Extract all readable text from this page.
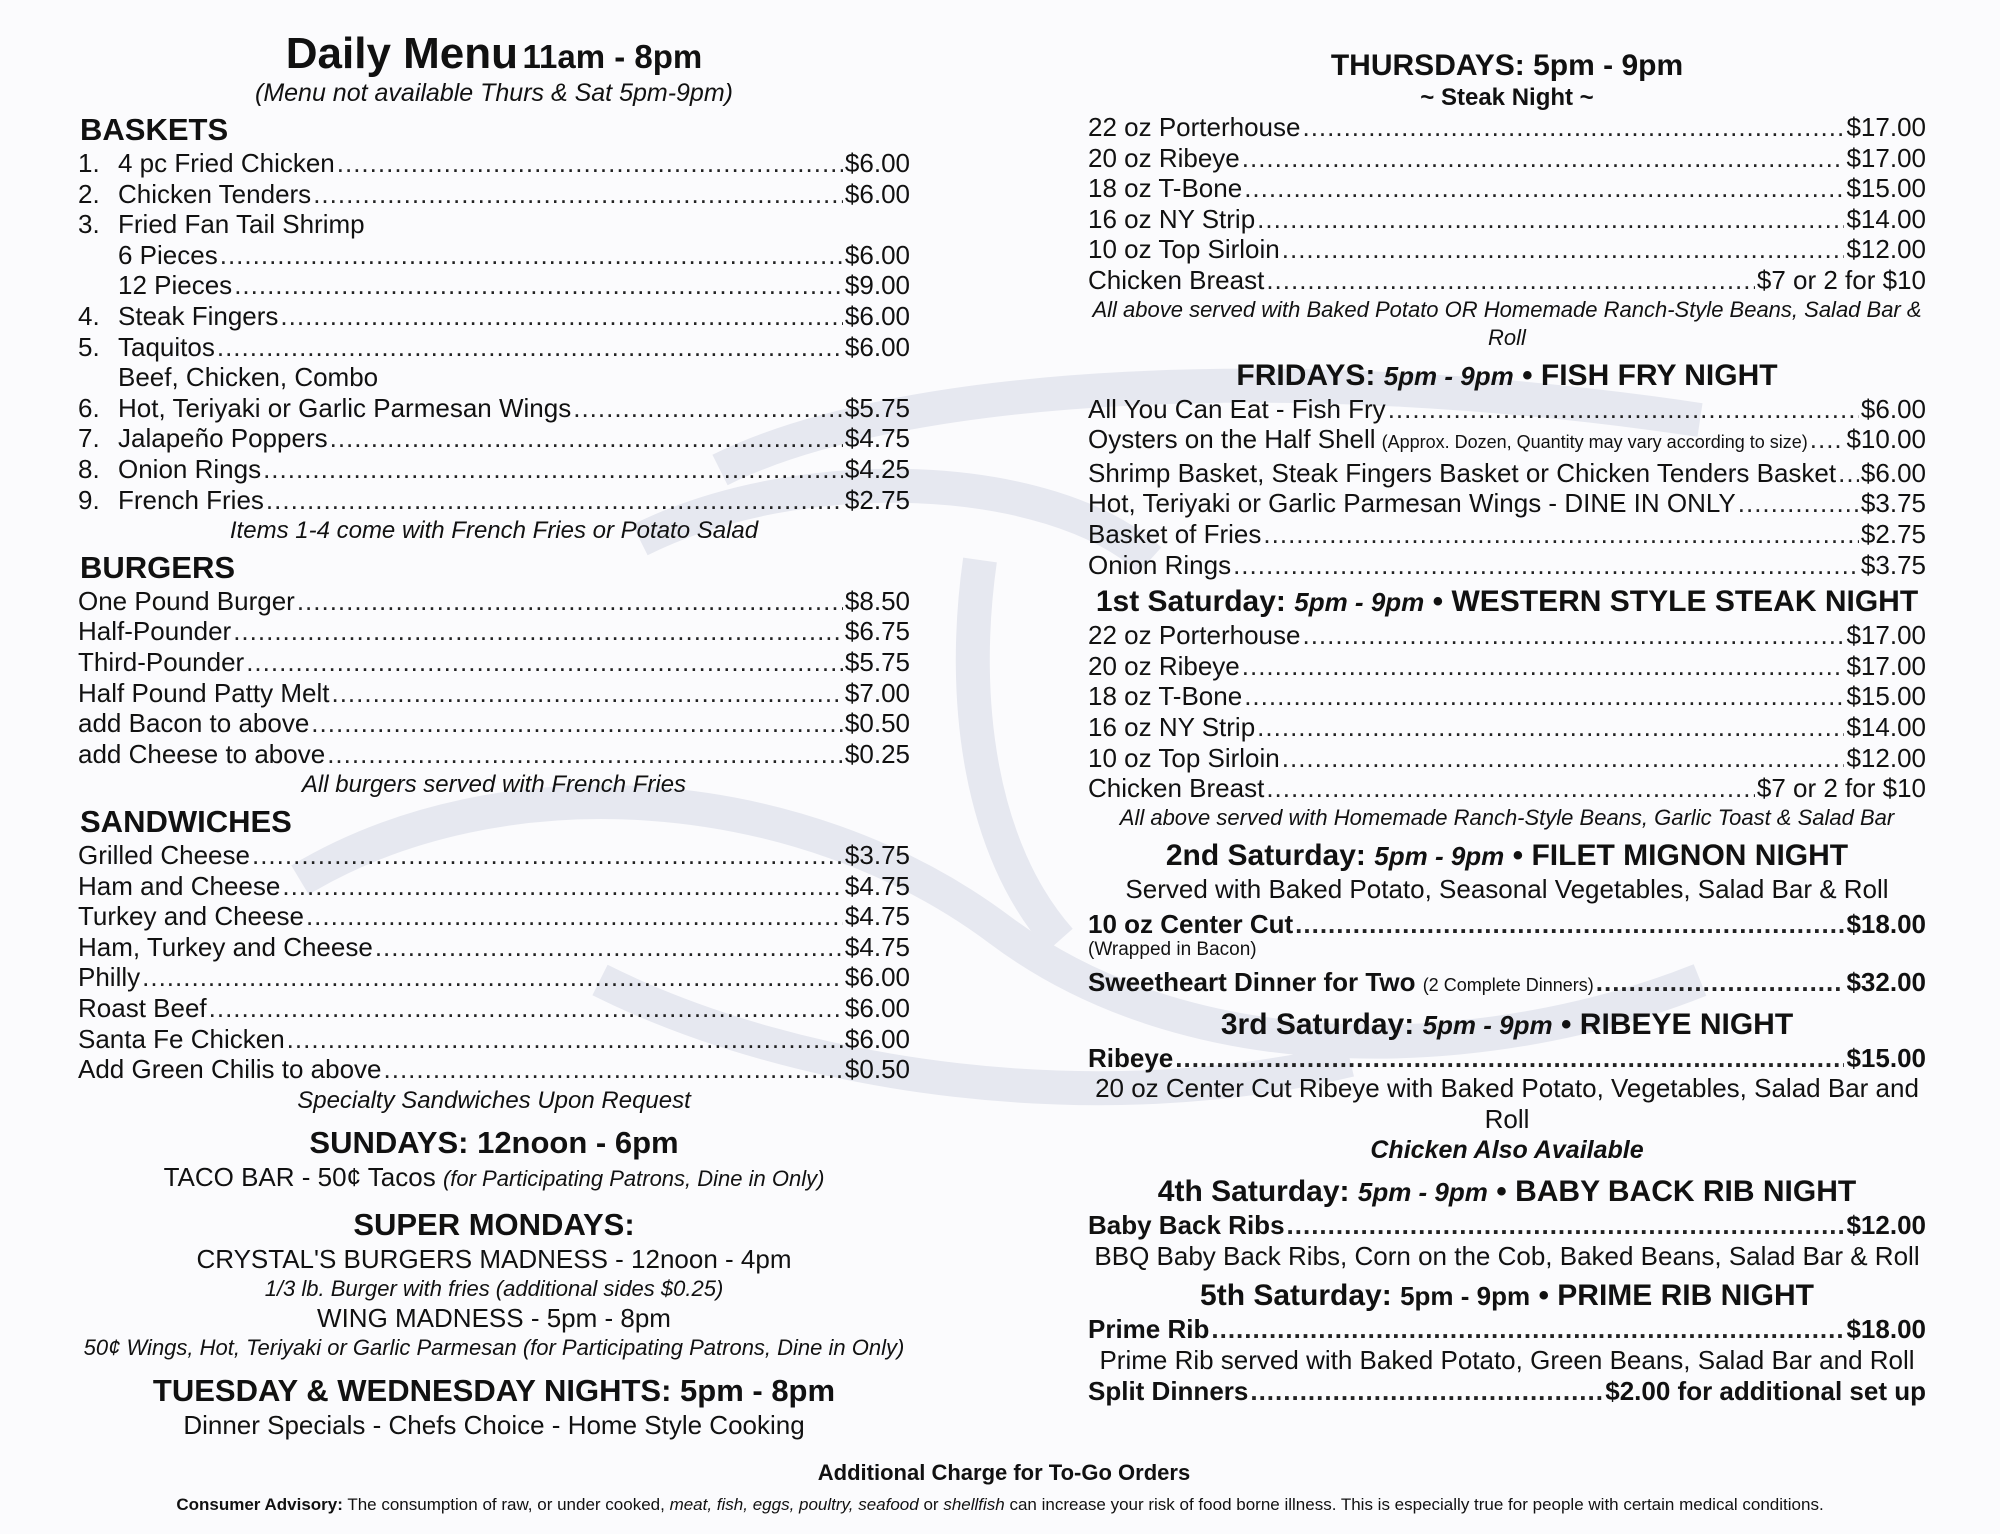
Daily Menu 11am - 8pm
(Menu not available Thurs & Sat 5pm-9pm)
BASKETS
1. 4 pc Fried Chicken .....	$6.00
2. Chicken Tenders .....	$6.00
3. Fried Fan Tail Shrimp
6 Pieces .....	$6.00
12 Pieces .....	$9.00
4. Steak Fingers .....	$6.00
5. Taquitos .....	$6.00
Beef, Chicken, Combo
6. Hot, Teriyaki or Garlic Parmesan Wings .....	$5.75
7. Jalapeño Poppers .....	$4.75
8. Onion Rings .....	$4.25
9. French Fries .....	$2.75
Items 1-4 come with French Fries or Potato Salad
BURGERS
One Pound Burger .....	$8.50
Half-Pounder .....	$6.75
Third-Pounder .....	$5.75
Half Pound Patty Melt .....	$7.00
add Bacon to above .....	$0.50
add Cheese to above .....	$0.25
All burgers served with French Fries
SANDWICHES
Grilled Cheese .....	$3.75
Ham and Cheese .....	$4.75
Turkey and Cheese .....	$4.75
Ham, Turkey and Cheese .....	$4.75
Philly .....	$6.00
Roast Beef .....	$6.00
Santa Fe Chicken .....	$6.00
Add Green Chilis to above .....	$0.50
Specialty Sandwiches Upon Request
SUNDAYS: 12noon - 6pm
TACO BAR - 50¢ Tacos (for Participating Patrons, Dine in Only)
SUPER MONDAYS:
CRYSTAL'S BURGERS MADNESS - 12noon - 4pm
1/3 lb. Burger with fries (additional sides $0.25)
WING MADNESS - 5pm - 8pm
50¢ Wings, Hot, Teriyaki or Garlic Parmesan (for Participating Patrons, Dine in Only)
TUESDAY & WEDNESDAY NIGHTS: 5pm - 8pm
Dinner Specials - Chefs Choice - Home Style Cooking
THURSDAYS: 5pm - 9pm
~ Steak Night ~
22 oz Porterhouse .....	$17.00
20 oz Ribeye .....	$17.00
18 oz T-Bone .....	$15.00
16 oz NY Strip .....	$14.00
10 oz Top Sirloin .....	$12.00
Chicken Breast .....	$7 or 2 for $10
All above served with Baked Potato OR Homemade Ranch-Style Beans, Salad Bar & Roll
FRIDAYS: 5pm - 9pm • FISH FRY NIGHT
All You Can Eat - Fish Fry .....	$6.00
Oysters on the Half Shell (Approx. Dozen, Quantity may vary according to size) ..... $10.00
Shrimp Basket, Steak Fingers Basket or Chicken Tenders Basket ..... $6.00
Hot, Teriyaki or Garlic Parmesan Wings - DINE IN ONLY .....	$3.75
Basket of Fries .....	$2.75
Onion Rings .....	$3.75
1st Saturday: 5pm - 9pm • WESTERN STYLE STEAK NIGHT
22 oz Porterhouse .....	$17.00
20 oz Ribeye .....	$17.00
18 oz T-Bone .....	$15.00
16 oz NY Strip .....	$14.00
10 oz Top Sirloin .....	$12.00
Chicken Breast .....	$7 or 2 for $10
All above served with Homemade Ranch-Style Beans, Garlic Toast & Salad Bar
2nd Saturday: 5pm - 9pm • FILET MIGNON NIGHT
Served with Baked Potato, Seasonal Vegetables, Salad Bar & Roll
10 oz Center Cut .....	$18.00
(Wrapped in Bacon)
Sweetheart Dinner for Two (2 Complete Dinners) .....	$32.00
3rd Saturday: 5pm - 9pm • RIBEYE NIGHT
Ribeye .....	$15.00
20 oz Center Cut Ribeye with Baked Potato, Vegetables, Salad Bar and Roll
Chicken Also Available
4th Saturday: 5pm - 9pm • BABY BACK RIB NIGHT
Baby Back Ribs .....	$12.00
BBQ Baby Back Ribs, Corn on the Cob, Baked Beans, Salad Bar & Roll
5th Saturday: 5pm - 9pm • PRIME RIB NIGHT
Prime Rib .....	$18.00
Prime Rib served with Baked Potato, Green Beans, Salad Bar and Roll
Split Dinners .....	$2.00 for additional set up
Additional Charge for To-Go Orders
Consumer Advisory: The consumption of raw, or under cooked, meat, fish, eggs, poultry, seafood or shellfish can increase your risk of food borne illness. This is especially true for people with certain medical conditions.
